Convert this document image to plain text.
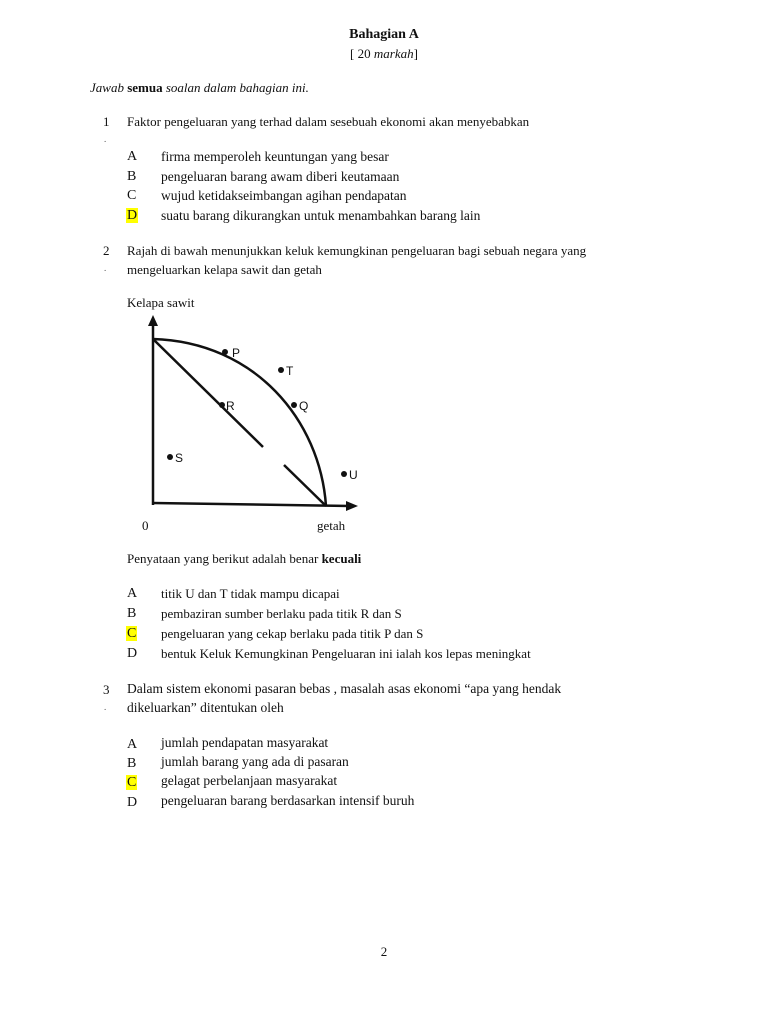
Bahagian A
[ 20 markah]
Jawab semua soalan dalam bahagian ini.
1
.
Faktor pengeluaran yang terhad dalam sesebuah ekonomi akan menyebabkan
A firma memperoleh keuntungan yang besar
B pengeluaran barang awam diberi keutamaan
C wujud ketidakseimbangan agihan pendapatan
D suatu barang dikurangkan untuk menambahkan barang lain
2
.
Rajah di bawah menunjukkan keluk kemungkinan pengeluaran bagi sebuah negara yang
mengeluarkan kelapa sawit dan getah
Kelapa sawit
P
T
R	Q
S
U
0	getah
Penyataan yang berikut adalah benar kecuali
A titik U dan T tidak mampu dicapai
B pembaziran sumber berlaku pada titik R dan S
C pengeluaran yang cekap berlaku pada titik P dan S
D bentuk Keluk Kemungkinan Pengeluaran ini ialah kos lepas meningkat
3
.
Dalam sistem ekonomi pasaran bebas , masalah asas ekonomi “apa yang hendak
dikeluarkan” ditentukan oleh
A jumlah pendapatan masyarakat
B jumlah barang yang ada di pasaran
C gelagat perbelanjaan masyarakat
D pengeluaran barang berdasarkan intensif buruh
2
